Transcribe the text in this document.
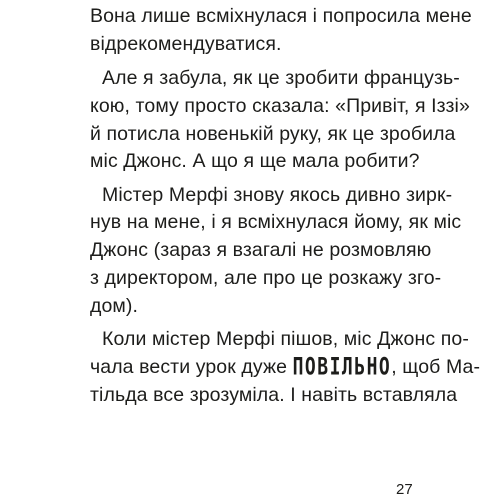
Вона лише всміхнулася і попросила мене
відрекомендуватися.
Але я забула, як це зробити французь-
кою, тому просто сказала: «Привіт, я Іззі»
й потисла новенькій руку, як це зробила
міс Джонс. А що я ще мала робити?
Містер Мерфі знову якось дивно зирк-
нув на мене, і я всміхнулася йому, як міс
Джонс (зараз я взагалі не розмовляю
з директором, але про це розкажу зго-
дом).
Коли містер Мерфі пішов, міс Джонс по-
чала вести урок дуже ПОВІЛЬНО, щоб Ма-
тільда все зрозуміла. І навіть вставляла
27
